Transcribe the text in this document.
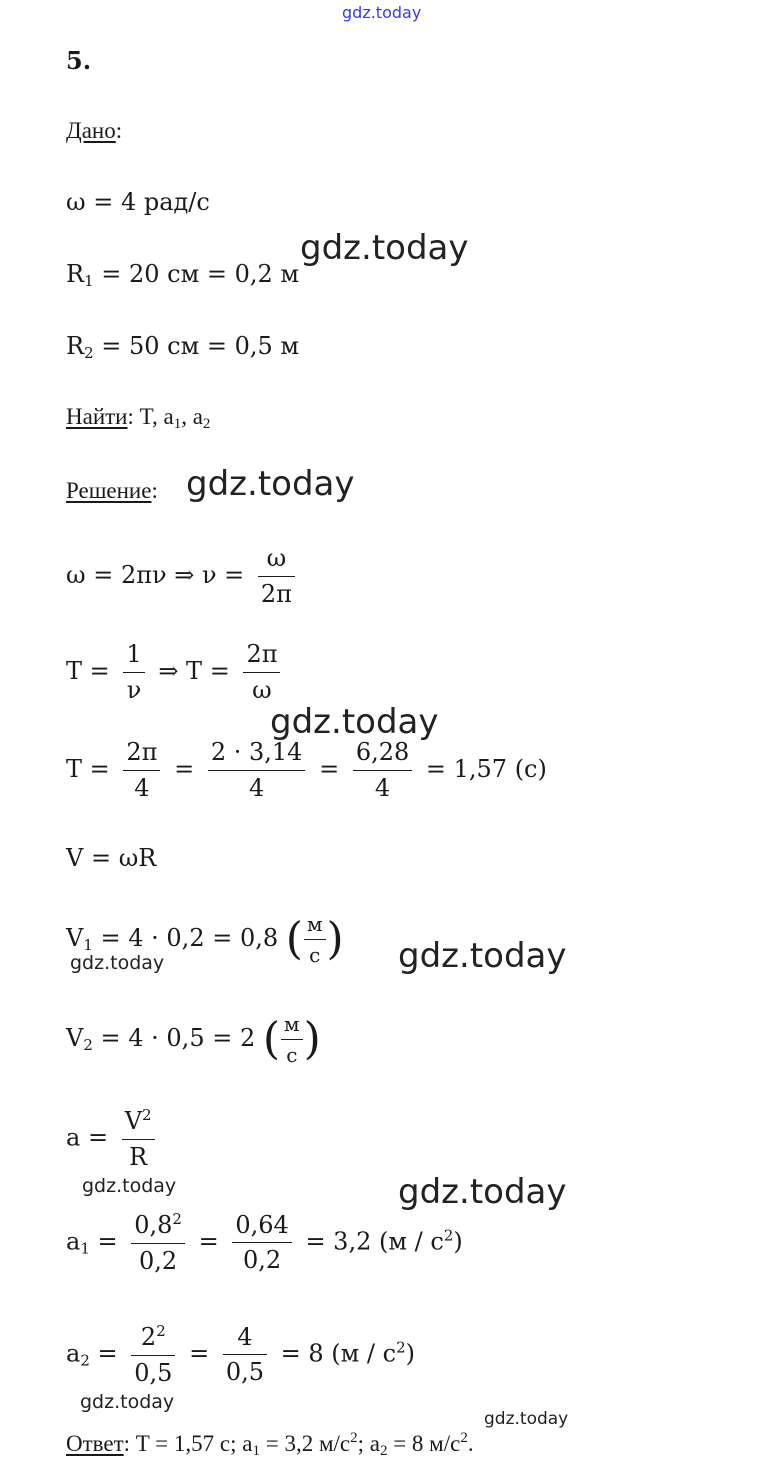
gdz.today
5.
Дано:
ω = 4 рад/с
$R_1 = 20$ см = 0,2 м
$R_2 = 50$ см = 0,5 м
Найти: T, $a_1$, $a_2$
Решение:
ω = 2πν ⇒ $\nu = \frac{\omega}{2\pi}$
$T = \frac{1}{\nu}$ ⇒ $T = \frac{2\pi}{\omega}$
$T = \frac{2\pi}{4} = \frac{2 \cdot 3,14}{4} = \frac{6,28}{4} = 1,57$ (с)
V = ωR
$V_1 = 4 \cdot 0,2 = 0,8$ ( $\frac{м}{с}$ )
$V_2 = 4 \cdot 0,5 = 2$ ( $\frac{м}{с}$ )
$a = \frac{V^2}{R}$
$a_1 = \frac{0,8^2}{0,2} = \frac{0,64}{0,2} = 3,2$ $(м / с^2)$
$a_2 = \frac{2^2}{0,5} = \frac{4}{0,5} = 8$ $(м / с^2)$
Ответ: T = 1,57 с; $a_1 = 3,2$ $м/с^2$; $a_2 = 8$ $м/с^2$.
gdz.today
gdz.today
gdz.today
gdz.today	gdz.today
gdz.today	gdz.today
gdz.today
gdz.today
